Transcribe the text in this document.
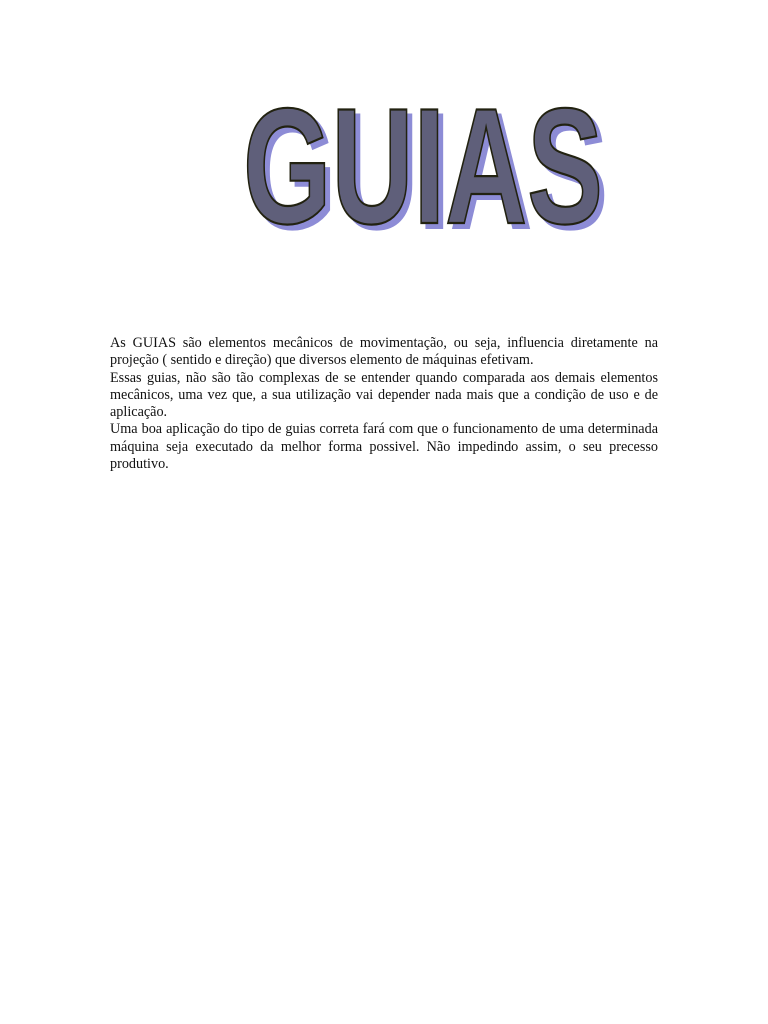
GUIAS
GUIAS

As GUIAS são elementos mecânicos de movimentação, ou seja, influencia diretamente na projeção ( sentido e direção) que diversos elemento de máquinas efetivam.

Essas guias, não são tão complexas de se entender quando comparada aos demais elementos mecânicos, uma vez que, a sua utilização vai depender nada mais que a condição de uso e de aplicação.

Uma boa aplicação do tipo de guias correta fará com que o funcionamento de uma determinada máquina seja executado da melhor forma possivel. Não impedindo assim, o seu precesso produtivo.
